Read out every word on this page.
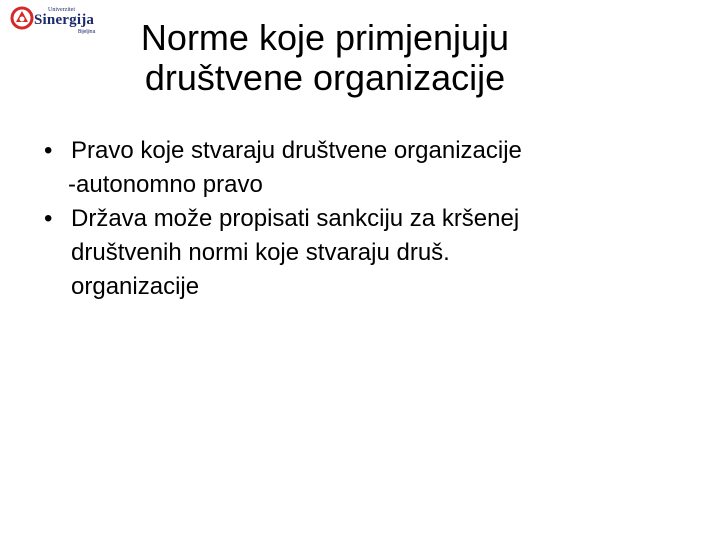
Univerzitet
Sinergija
Bijeljina	Norme koje primjenjuju
društvene organizacije
• Pravo koje stvaraju društvene organizacije
-autonomno pravo
• Država može propisati sankciju za kršenej
društvenih normi koje stvaraju druš.
organizacije
